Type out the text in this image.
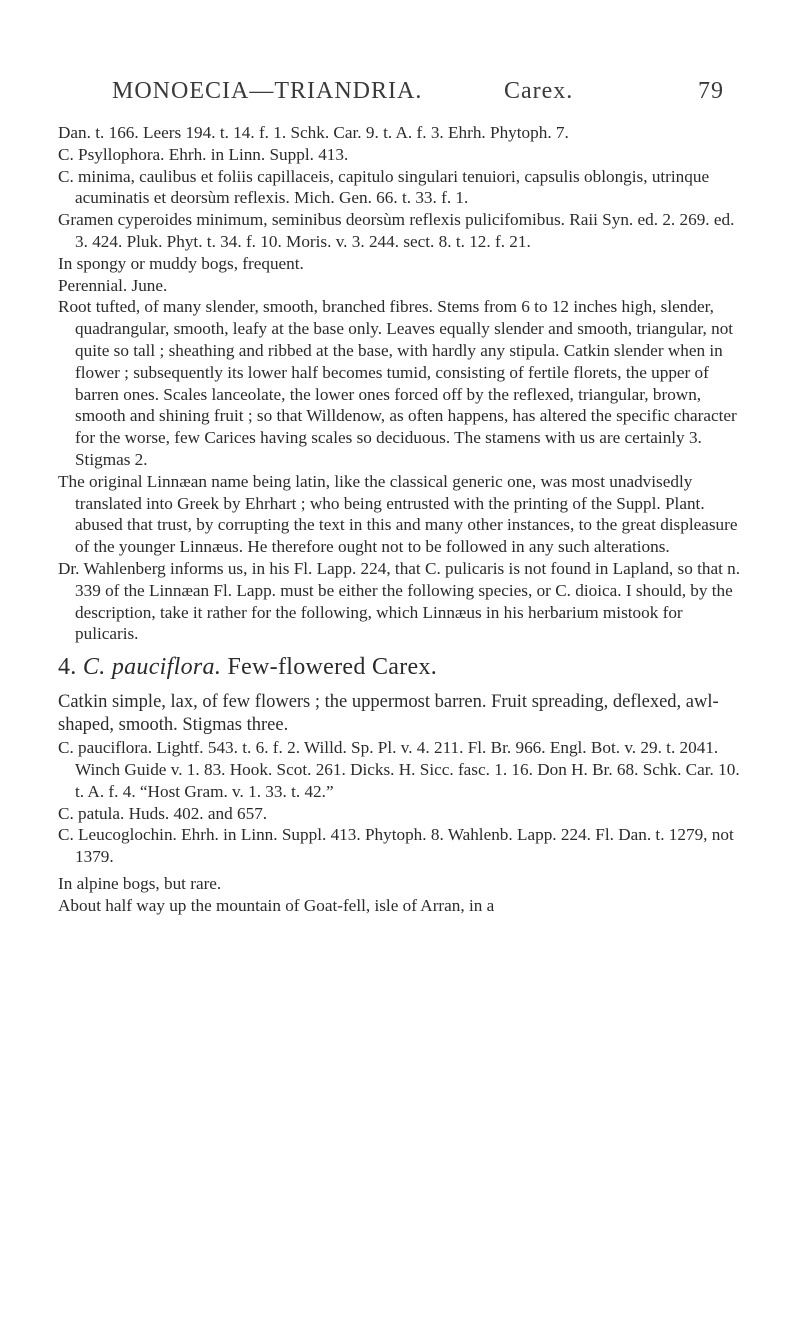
MONOECIA—TRIANDRIA.	Carex.	79

Dan. t. 166. Leers 194. t. 14. f. 1. Schk. Car. 9. t. A. f. 3. Ehrh. Phytoph. 7.

C. Psyllophora. Ehrh. in Linn. Suppl. 413.

C. minima, caulibus et foliis capillaceis, capitulo singulari tenuiori, capsulis oblongis, utrinque acuminatis et deorsùm reflexis. Mich. Gen. 66. t. 33. f. 1.

Gramen cyperoides minimum, seminibus deorsùm reflexis pulicifomibus. Raii Syn. ed. 2. 269. ed. 3. 424. Pluk. Phyt. t. 34. f. 10. Moris. v. 3. 244. sect. 8. t. 12. f. 21.

In spongy or muddy bogs, frequent.

Perennial. June.

Root tufted, of many slender, smooth, branched fibres. Stems from 6 to 12 inches high, slender, quadrangular, smooth, leafy at the base only. Leaves equally slender and smooth, triangular, not quite so tall ; sheathing and ribbed at the base, with hardly any stipula. Catkin slender when in flower ; subsequently its lower half becomes tumid, consisting of fertile florets, the upper of barren ones. Scales lanceolate, the lower ones forced off by the reflexed, triangular, brown, smooth and shining fruit ; so that Willdenow, as often happens, has altered the specific character for the worse, few Carices having scales so deciduous. The stamens with us are certainly 3. Stigmas 2.

The original Linnæan name being latin, like the classical generic one, was most unadvisedly translated into Greek by Ehrhart ; who being entrusted with the printing of the Suppl. Plant. abused that trust, by corrupting the text in this and many other instances, to the great displeasure of the younger Linnæus. He therefore ought not to be followed in any such alterations.

Dr. Wahlenberg informs us, in his Fl. Lapp. 224, that C. pulicaris is not found in Lapland, so that n. 339 of the Linnæan Fl. Lapp. must be either the following species, or C. dioica. I should, by the description, take it rather for the following, which Linnæus in his herbarium mistook for pulicaris.

4. C. pauciflora. Few-flowered Carex.

Catkin simple, lax, of few flowers ; the uppermost barren. Fruit spreading, deflexed, awl-shaped, smooth. Stigmas three.

C. pauciflora. Lightf. 543. t. 6. f. 2. Willd. Sp. Pl. v. 4. 211. Fl. Br. 966. Engl. Bot. v. 29. t. 2041. Winch Guide v. 1. 83. Hook. Scot. 261. Dicks. H. Sicc. fasc. 1. 16. Don H. Br. 68. Schk. Car. 10. t. A. f. 4. “Host Gram. v. 1. 33. t. 42.”

C. patula. Huds. 402. and 657.

C. Leucoglochin. Ehrh. in Linn. Suppl. 413. Phytoph. 8. Wahlenb. Lapp. 224. Fl. Dan. t. 1279, not 1379.

In alpine bogs, but rare.

About half way up the mountain of Goat-fell, isle of Arran, in a
